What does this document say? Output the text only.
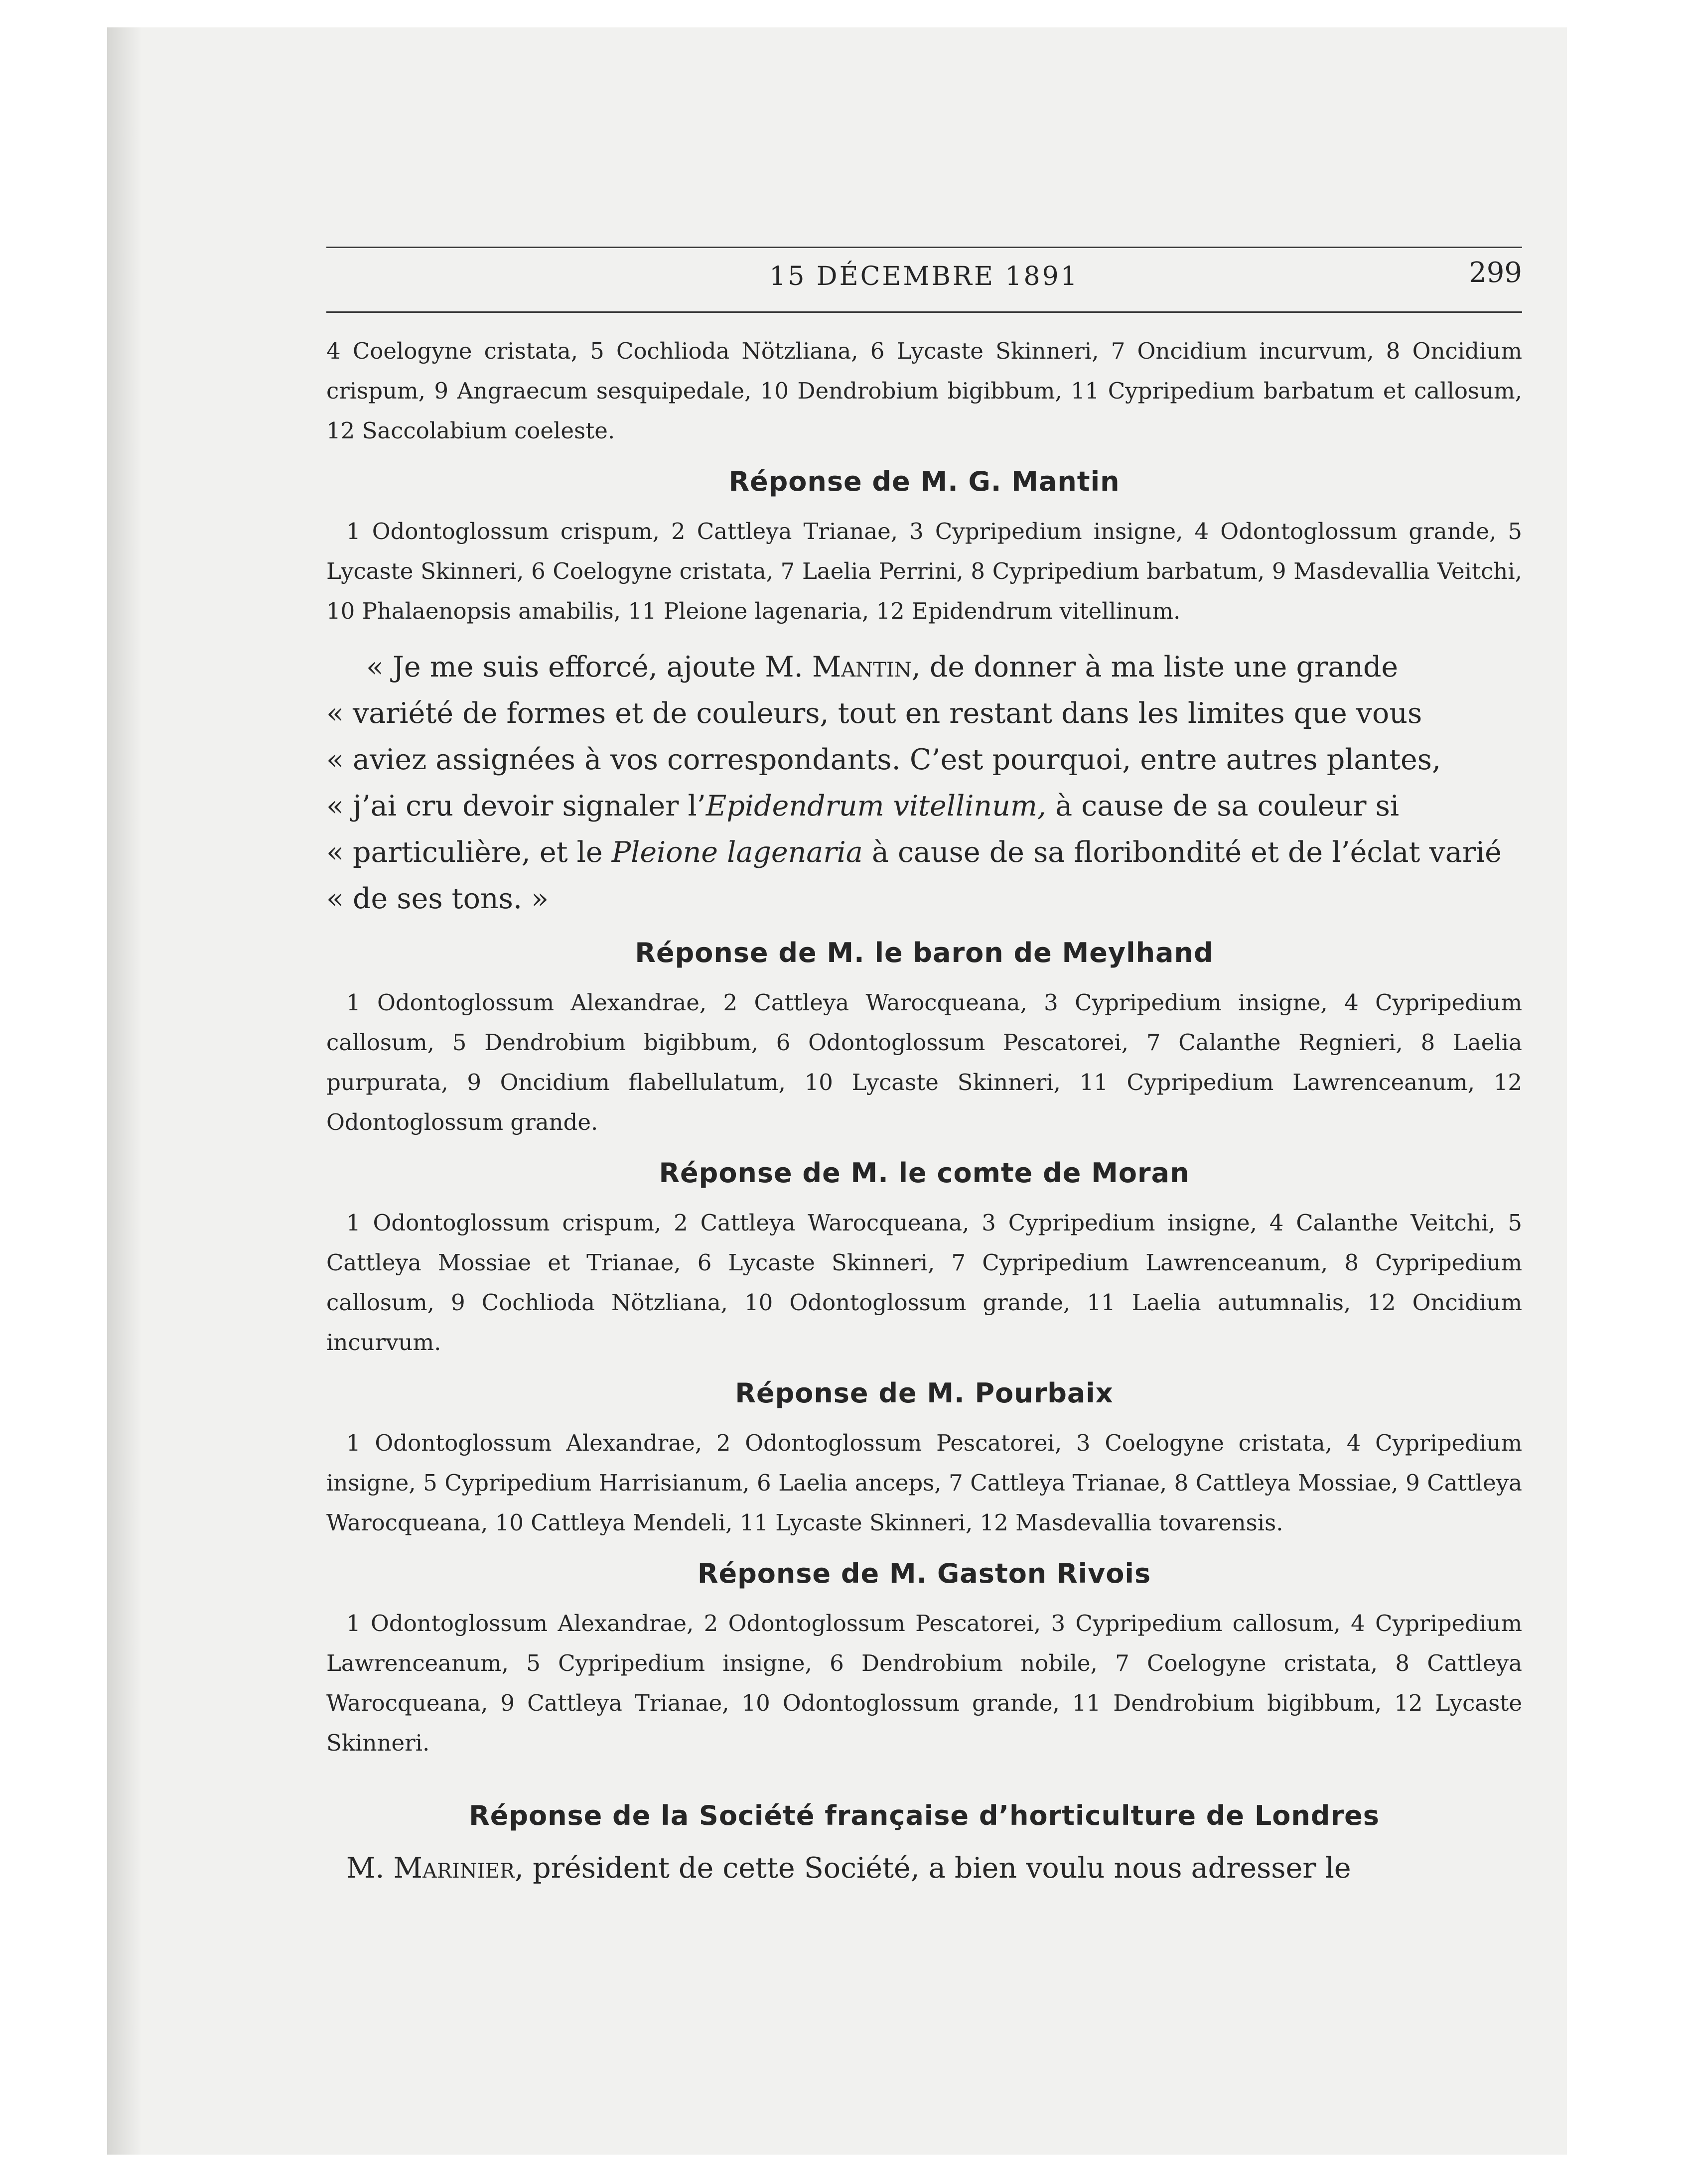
15 DÉCEMBRE 1891	299

4 Coelogyne cristata, 5 Cochlioda Nötzliana, 6 Lycaste Skinneri, 7 Oncidium incurvum, 8 Oncidium crispum, 9 Angraecum sesquipedale, 10 Dendrobium bigibbum, 11 Cypripedium barbatum et callosum, 12 Saccolabium coeleste.

Réponse de M. G. Mantin

1 Odontoglossum crispum, 2 Cattleya Trianae, 3 Cypripedium insigne, 4 Odontoglossum grande, 5 Lycaste Skinneri, 6 Coelogyne cristata, 7 Laelia Perrini, 8 Cypripedium barbatum, 9 Masdevallia Veitchi, 10 Phalaenopsis amabilis, 11 Pleione lagenaria, 12 Epidendrum vitellinum.

« Je me suis efforcé, ajoute M. Mantin, de donner à ma liste une grande
« variété de formes et de couleurs, tout en restant dans les limites que vous
« aviez assignées à vos correspondants. C’est pourquoi, entre autres plantes,
« j’ai cru devoir signaler l’Epidendrum vitellinum, à cause de sa couleur si
« particulière, et le Pleione lagenaria à cause de sa floribondité et de l’éclat varié
« de ses tons. »
Réponse de M. le baron de Meylhand

1 Odontoglossum Alexandrae, 2 Cattleya Warocqueana, 3 Cypripedium insigne, 4 Cypripedium callosum, 5 Dendrobium bigibbum, 6 Odontoglossum Pescatorei, 7 Calanthe Regnieri, 8 Laelia purpurata, 9 Oncidium flabellulatum, 10 Lycaste Skinneri, 11 Cypripedium Lawrenceanum, 12 Odontoglossum grande.

Réponse de M. le comte de Moran

1 Odontoglossum crispum, 2 Cattleya Warocqueana, 3 Cypripedium insigne, 4 Calanthe Veitchi, 5 Cattleya Mossiae et Trianae, 6 Lycaste Skinneri, 7 Cypripedium Lawrenceanum, 8 Cypripedium callosum, 9 Cochlioda Nötzliana, 10 Odontoglossum grande, 11 Laelia autumnalis, 12 Oncidium incurvum.

Réponse de M. Pourbaix

1 Odontoglossum Alexandrae, 2 Odontoglossum Pescatorei, 3 Coelogyne cristata, 4 Cypripedium insigne, 5 Cypripedium Harrisianum, 6 Laelia anceps, 7 Cattleya Trianae, 8 Cattleya Mossiae, 9 Cattleya Warocqueana, 10 Cattleya Mendeli, 11 Lycaste Skinneri, 12 Masdevallia tovarensis.

Réponse de M. Gaston Rivois

1 Odontoglossum Alexandrae, 2 Odontoglossum Pescatorei, 3 Cypripedium callosum, 4 Cypripedium Lawrenceanum, 5 Cypripedium insigne, 6 Dendrobium nobile, 7 Coelogyne cristata, 8 Cattleya Warocqueana, 9 Cattleya Trianae, 10 Odontoglossum grande, 11 Dendrobium bigibbum, 12 Lycaste Skinneri.

Réponse de la Société française d’horticulture de Londres

M. Marinier, président de cette Société, a bien voulu nous adresser le
